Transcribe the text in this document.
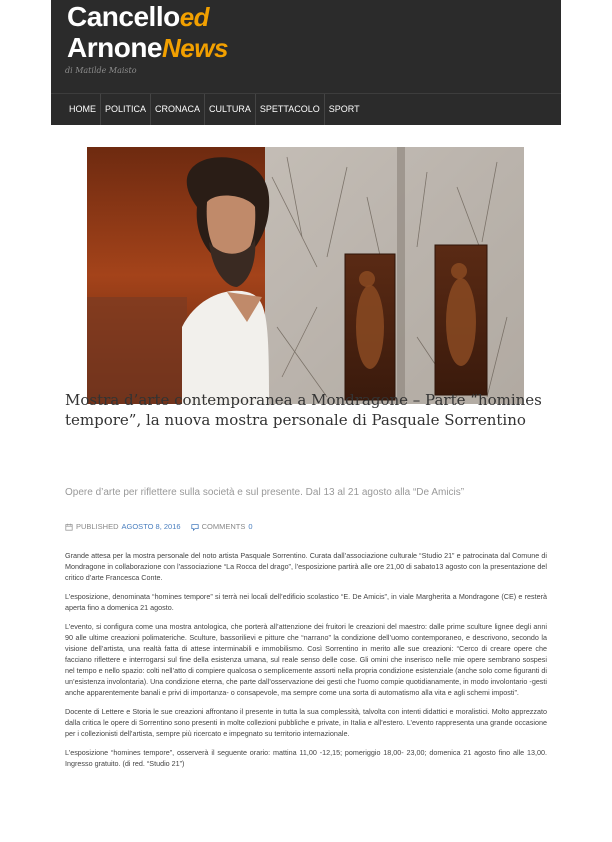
Cancelloed
ArnoneNews
di Matilde Maisto
HOME	POLITICA	CRONACA	CULTURA	SPETTACOLO	SPORT
Mostra d’arte contemporanea a Mondragone – Parte “homines tempore”, la nuova mostra personale di Pasquale Sorrentino

Opere d’arte per riflettere sulla società e sul presente. Dal 13 al 21 agosto alla “De Amicis”

PUBLISHED AGOSTO 8, 2016	COMMENTS 0

Grande attesa per la mostra personale del noto artista Pasquale Sorrentino. Curata dall’associazione culturale “Studio 21” e patrocinata dal Comune di Mondragone in collaborazione con l’associazione “La Rocca del drago”, l’esposizione partirà alle ore 21,00 di sabato13 agosto con la presentazione del critico d’arte Francesca Conte.

L’esposizione, denominata “homines tempore” si terrà nei locali dell’edificio scolastico “E. De Amicis”, in viale Margherita a Mondragone (CE) e resterà aperta fino a domenica 21 agosto.

L’evento, si configura come una mostra antologica, che porterà all’attenzione dei fruitori le creazioni del maestro: dalle prime sculture lignee degli anni 90 alle ultime creazioni polimateriche. Sculture, bassorilievi e pitture che “narrano” la condizione dell’uomo contemporaneo, e descrivono, secondo la visione dell’artista, una realtà fatta di attese interminabili e immobilismo. Così Sorrentino in merito alle sue creazioni: “Cerco di creare opere che facciano riflettere e interrogarsi sul fine della esistenza umana, sul reale senso delle cose. Gli omini che inserisco nelle mie opere sembrano sospesi nel tempo e nello spazio: colti nell’atto di compiere qualcosa o semplicemente assorti nella propria condizione esistenziale (anche solo come figuranti di un’esistenza involontaria). Una condizione eterna, che parte dall’osservazione dei gesti che l’uomo compie quotidianamente, in modo involontario -gesti anche apparentemente banali e privi di importanza- o consapevole, ma sempre come una sorta di automatismo alla vita e agli schemi imposti”.

Docente di Lettere e Storia le sue creazioni affrontano il presente in tutta la sua complessità, talvolta con intenti didattici e moralistici. Molto apprezzato dalla critica le opere di Sorrentino sono presenti in molte collezioni pubbliche e private, in Italia e all’estero. L’evento rappresenta una grande occasione per i collezionisti dell’artista, sempre più ricercato e impegnato su territorio internazionale.

L’esposizione “homines tempore”, osserverà il seguente orario: mattina 11,00 -12,15; pomeriggio 18,00- 23,00; domenica 21 agosto fino alle 13,00. Ingresso gratuito. (di red. “Studio 21”)
